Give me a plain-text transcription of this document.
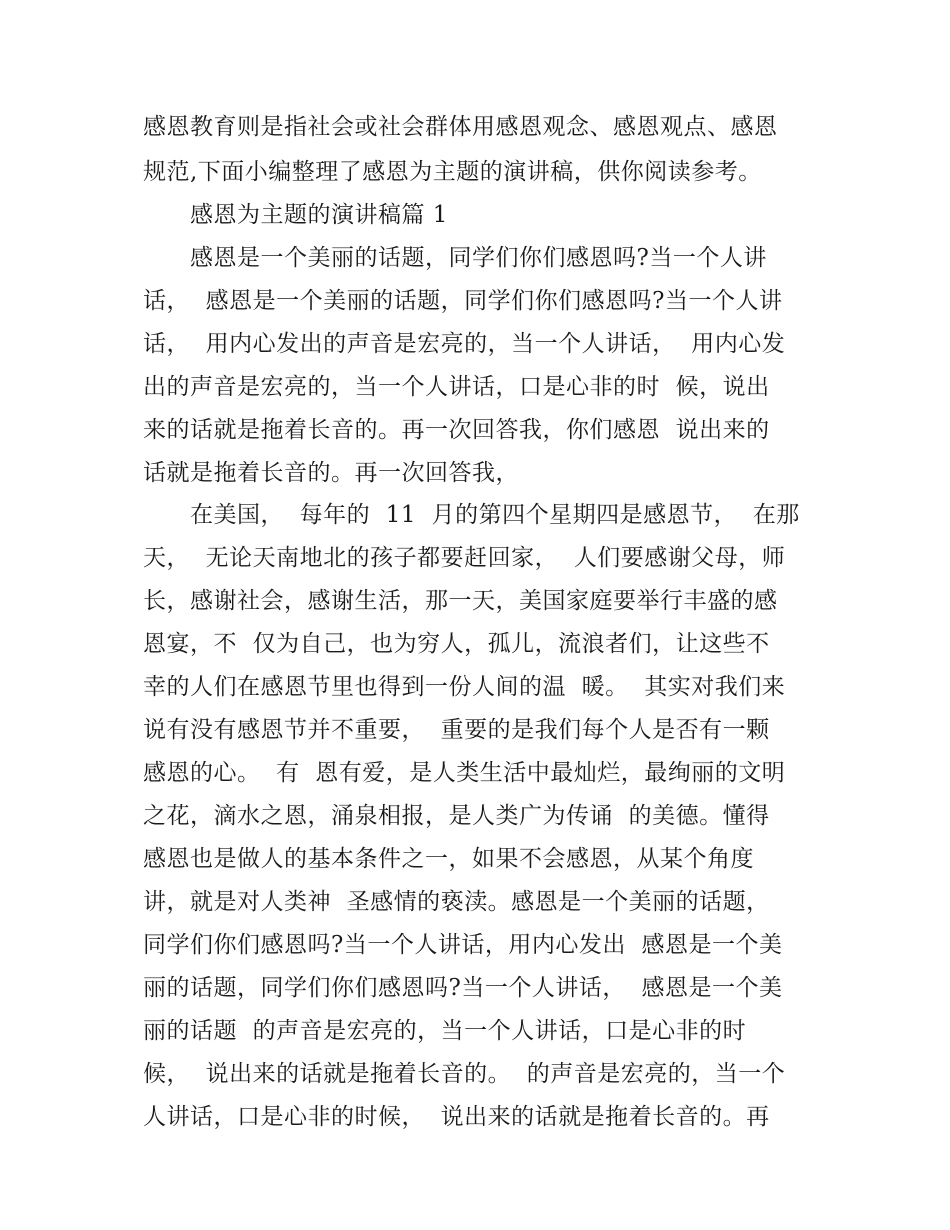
感恩教育则是指社会或社会群体用感恩观念、感恩观点、感恩
规范,下面小编整理了感恩为主题的演讲稿，供你阅读参考。
感恩为主题的演讲稿篇 1
感恩是一个美丽的话题，同学们你们感恩吗?当一个人讲
话，  感恩是一个美丽的话题，同学们你们感恩吗?当一个人讲
话，  用内心发出的声音是宏亮的，当一个人讲话，  用内心发
出的声音是宏亮的，当一个人讲话，口是心非的时  候，说出
来的话就是拖着长音的。再一次回答我，你们感恩  说出来的
话就是拖着长音的。再一次回答我，
在美国，  每年的  11  月的第四个星期四是感恩节，  在那
天，  无论天南地北的孩子都要赶回家，  人们要感谢父母，师
长，感谢社会，感谢生活，那一天，美国家庭要举行丰盛的感
恩宴，不  仅为自己，也为穷人，孤儿，流浪者们，让这些不
幸的人们在感恩节里也得到一份人间的温  暖。  其实对我们来
说有没有感恩节并不重要，  重要的是我们每个人是否有一颗
感恩的心。  有  恩有爱，是人类生活中最灿烂，最绚丽的文明
之花，滴水之恩，涌泉相报，是人类广为传诵  的美德。懂得
感恩也是做人的基本条件之一，如果不会感恩，从某个角度
讲，就是对人类神  圣感情的亵渎。感恩是一个美丽的话题，
同学们你们感恩吗?当一个人讲话，用内心发出  感恩是一个美
丽的话题，同学们你们感恩吗?当一个人讲话，  感恩是一个美
丽的话题  的声音是宏亮的，当一个人讲话，口是心非的时
候，  说出来的话就是拖着长音的。  的声音是宏亮的，当一个
人讲话，口是心非的时候，  说出来的话就是拖着长音的。再
